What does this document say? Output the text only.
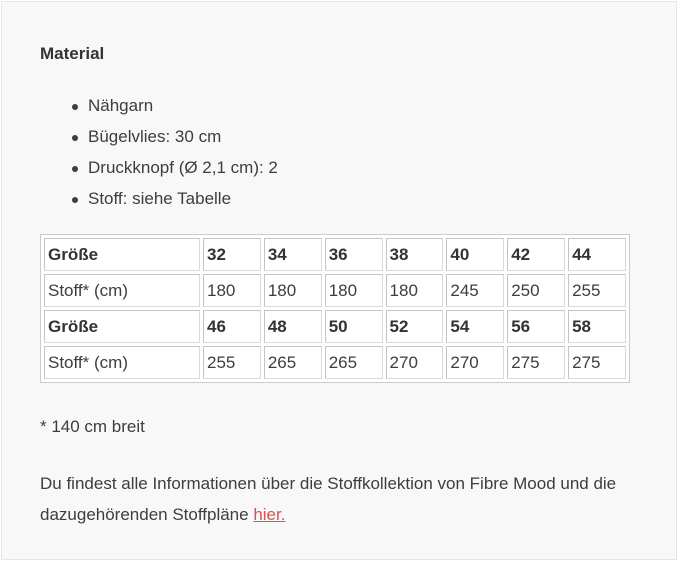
Material
Nähgarn
Bügelvlies: 30 cm
Druckknopf (Ø 2,1 cm): 2
Stoff: siehe Tabelle
Größe	32	34	36	38	40	42	44
Stoff* (cm)	180	180	180	180	245	250	255
Größe	46	48	50	52	54	56	58
Stoff* (cm)	255	265	265	270	270	275	275

* 140 cm breit

Du findest alle Informationen über die Stoffkollektion von Fibre Mood und die dazugehörenden Stoffpläne hier.
